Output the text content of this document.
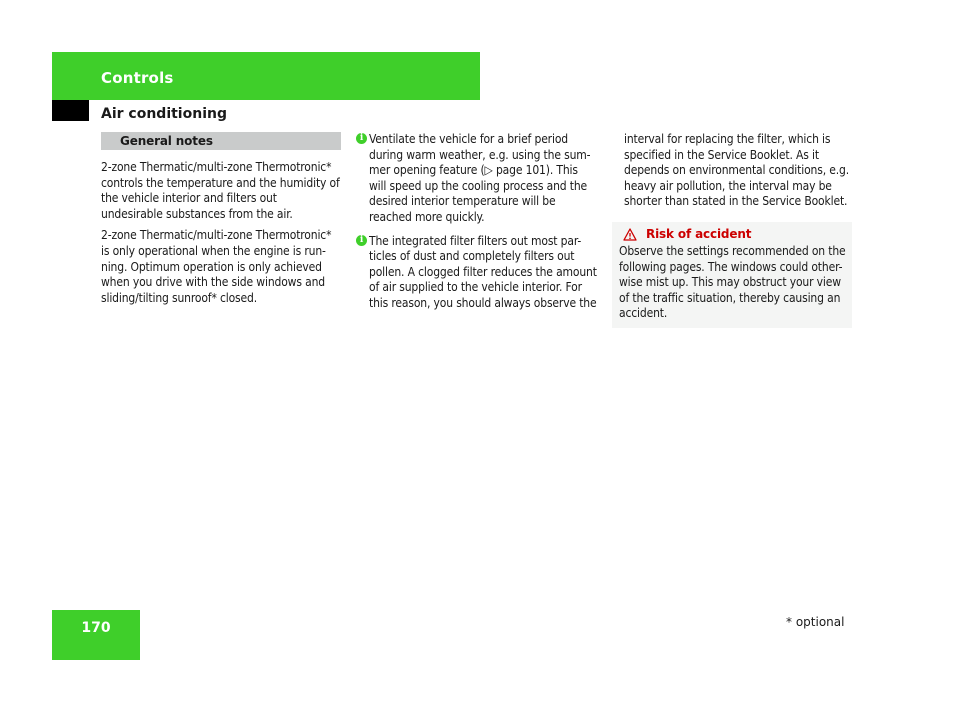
Controls
Air conditioning
General notes

2-zone Thermatic/multi-zone Thermotronic* controls the temperature and the humidity of the vehicle interior and filters out undesirable substances from the air.

2-zone Thermatic/multi-zone Thermotronic* is only operational when the engine is run-ning. Optimum operation is only achieved when you drive with the side windows and sliding/tilting sunroof* closed.

i Ventilate the vehicle for a brief period during warm weather, e.g. using the sum-mer opening feature (▷ page 101). This will speed up the cooling process and the desired interior temperature will be reached more quickly.
i The integrated filter filters out most par-ticles of dust and completely filters out pollen. A clogged filter reduces the amount of air supplied to the vehicle interior. For this reason, you should always observe the
interval for replacing the filter, which is specified in the Service Booklet. As it depends on environmental conditions, e.g. heavy air pollution, the interval may be shorter than stated in the Service Booklet.
Risk of accident
Observe the settings recommended on the following pages. The windows could other-wise mist up. This may obstruct your view of the traffic situation, thereby causing an accident.
170	* optional
